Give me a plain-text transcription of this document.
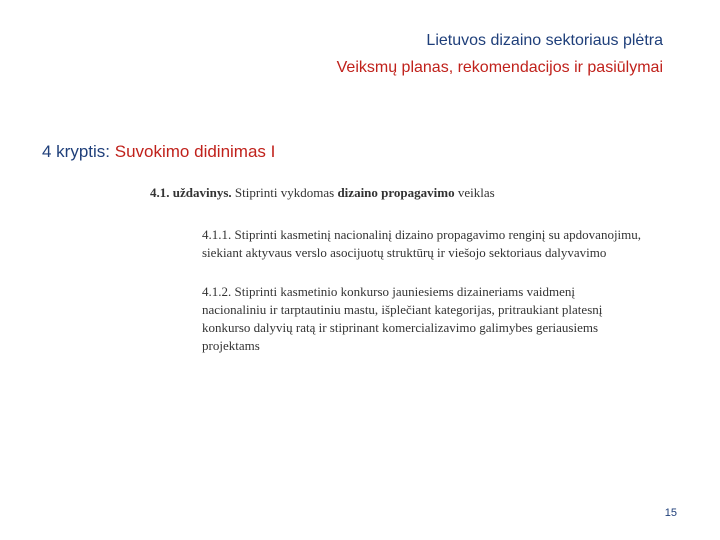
Lietuvos dizaino sektoriaus plėtra
Veiksmų planas, rekomendacijos ir pasiūlymai
4 kryptis: Suvokimo didinimas I
4.1. uždavinys. Stiprinti vykdomas dizaino propagavimo veiklas
4.1.1. Stiprinti kasmetinį nacionalinį dizaino propagavimo renginį su apdovanojimu,
siekiant aktyvaus verslo asocijuotų struktūrų ir viešojo sektoriaus dalyvavimo
4.1.2. Stiprinti kasmetinio konkurso jauniesiems dizaineriams vaidmenį
nacionaliniu ir tarptautiniu mastu, išplečiant kategorijas, pritraukiant platesnį
konkurso dalyvių ratą ir stiprinant komercializavimo galimybes geriausiems
projektams
15
